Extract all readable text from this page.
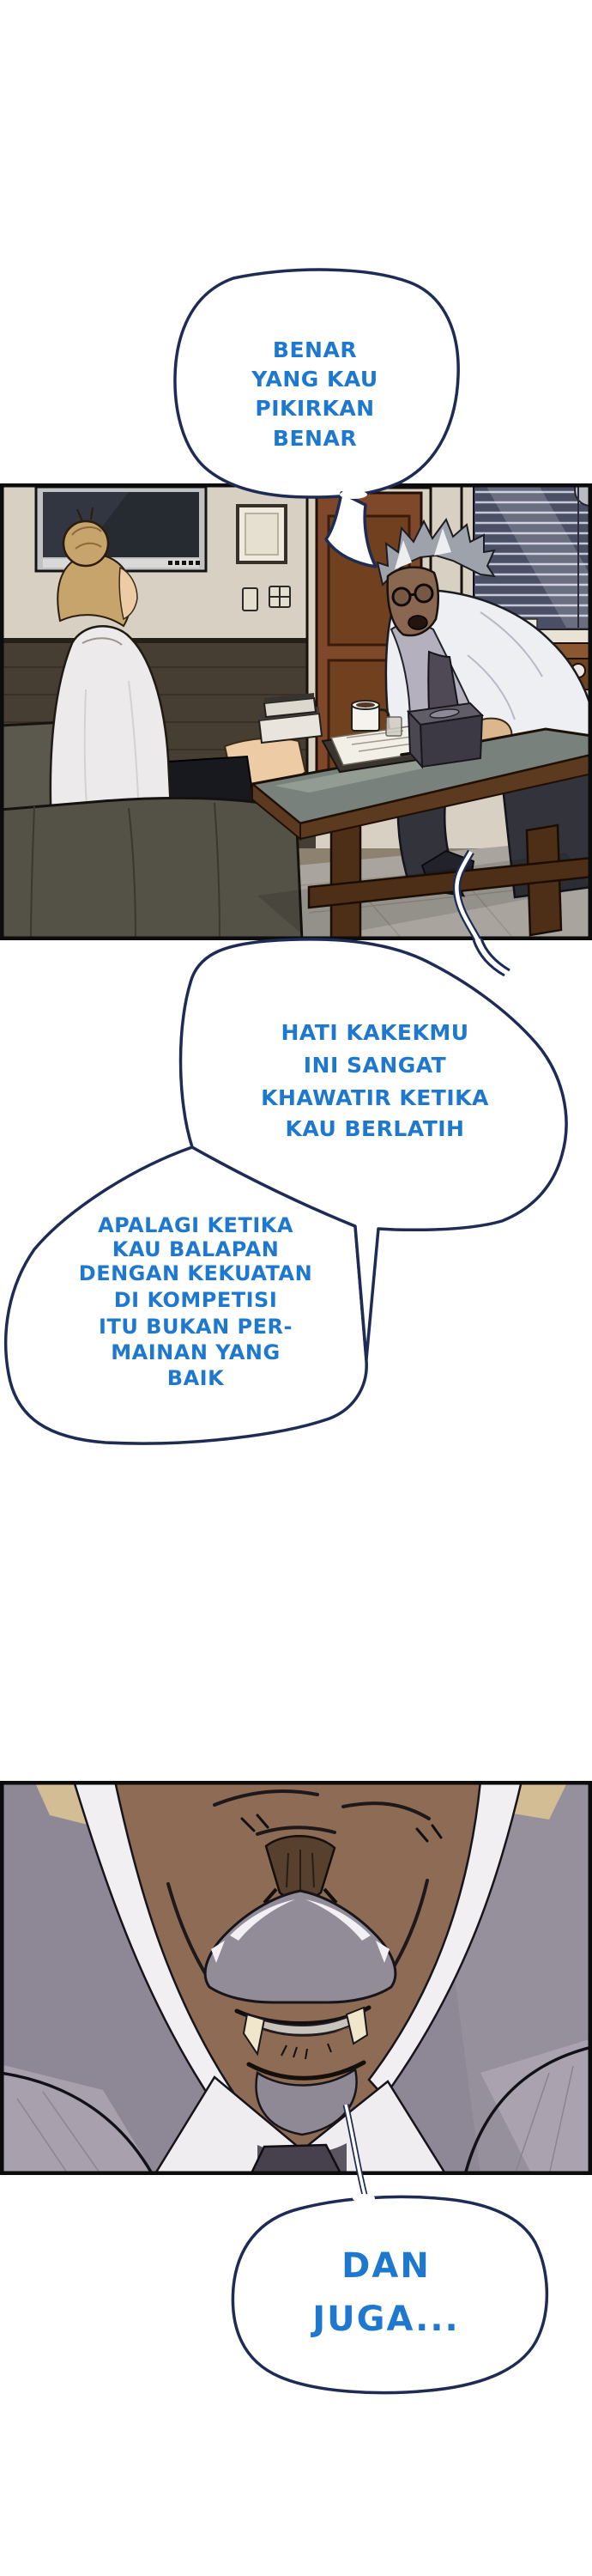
BENAR
YANG KAU
PIKIRKAN
BENAR
HATI KAKEKMU
INI SANGAT
KHAWATIR KETIKA
KAU BERLATIH
APALAGI KETIKA
KAU BALAPAN
DENGAN KEKUATAN
DI KOMPETISI
ITU BUKAN PER-
MAINAN YANG
BAIK
DAN
JUGA...
